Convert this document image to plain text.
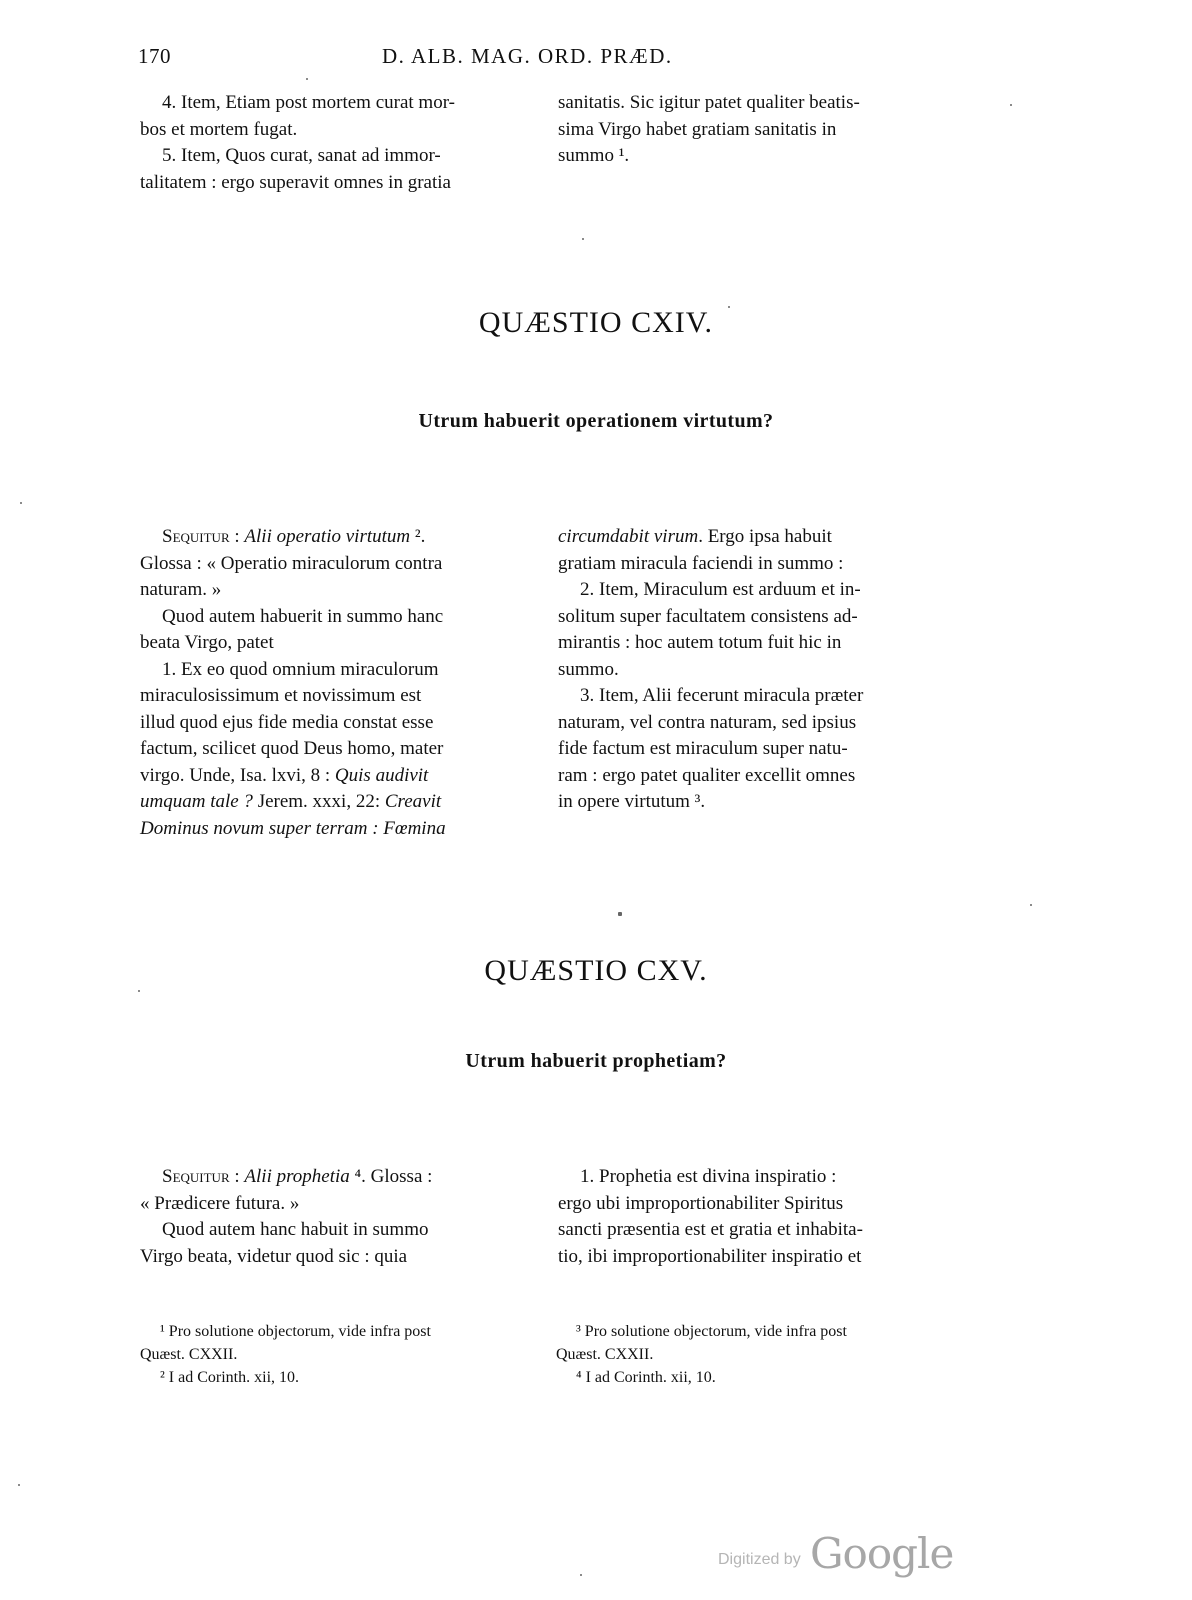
170	D. ALB. MAG. ORD. PRÆD.

4. Item, Etiam post mortem curat mor-

bos et mortem fugat.

5. Item, Quos curat, sanat ad immor-

talitatem : ergo superavit omnes in gratia

sanitatis. Sic igitur patet qualiter beatis-

sima Virgo habet gratiam sanitatis in

summo ¹.

QUÆSTIO CXIV.
Utrum habuerit operationem virtutum?

Sequitur : Alii operatio virtutum ².

Glossa : « Operatio miraculorum contra

naturam. »

Quod autem habuerit in summo hanc

beata Virgo, patet

1. Ex eo quod omnium miraculorum

miraculosissimum et novissimum est

illud quod ejus fide media constat esse

factum, scilicet quod Deus homo, mater

virgo. Unde, Isa. lxvi, 8 : Quis audivit

umquam tale ? Jerem. xxxi, 22: Creavit

Dominus novum super terram : Fœmina

circumdabit virum. Ergo ipsa habuit

gratiam miracula faciendi in summo :

2. Item, Miraculum est arduum et in-

solitum super facultatem consistens ad-

mirantis : hoc autem totum fuit hic in

summo.

3. Item, Alii fecerunt miracula præter

naturam, vel contra naturam, sed ipsius

fide factum est miraculum super natu-

ram : ergo patet qualiter excellit omnes

in opere virtutum ³.

QUÆSTIO CXV.
Utrum habuerit prophetiam?

Sequitur : Alii prophetia ⁴. Glossa :

« Prædicere futura. »

Quod autem hanc habuit in summo

Virgo beata, videtur quod sic : quia

1. Prophetia est divina inspiratio :

ergo ubi improportionabiliter Spiritus

sancti præsentia est et gratia et inhabita-

tio, ibi improportionabiliter inspiratio et

¹ Pro solutione objectorum, vide infra post

Quæst. CXXII.

² I ad Corinth. xii, 10.

³ Pro solutione objectorum, vide infra post

Quæst. CXXII.

⁴ I ad Corinth. xii, 10.

Digitized by Google
